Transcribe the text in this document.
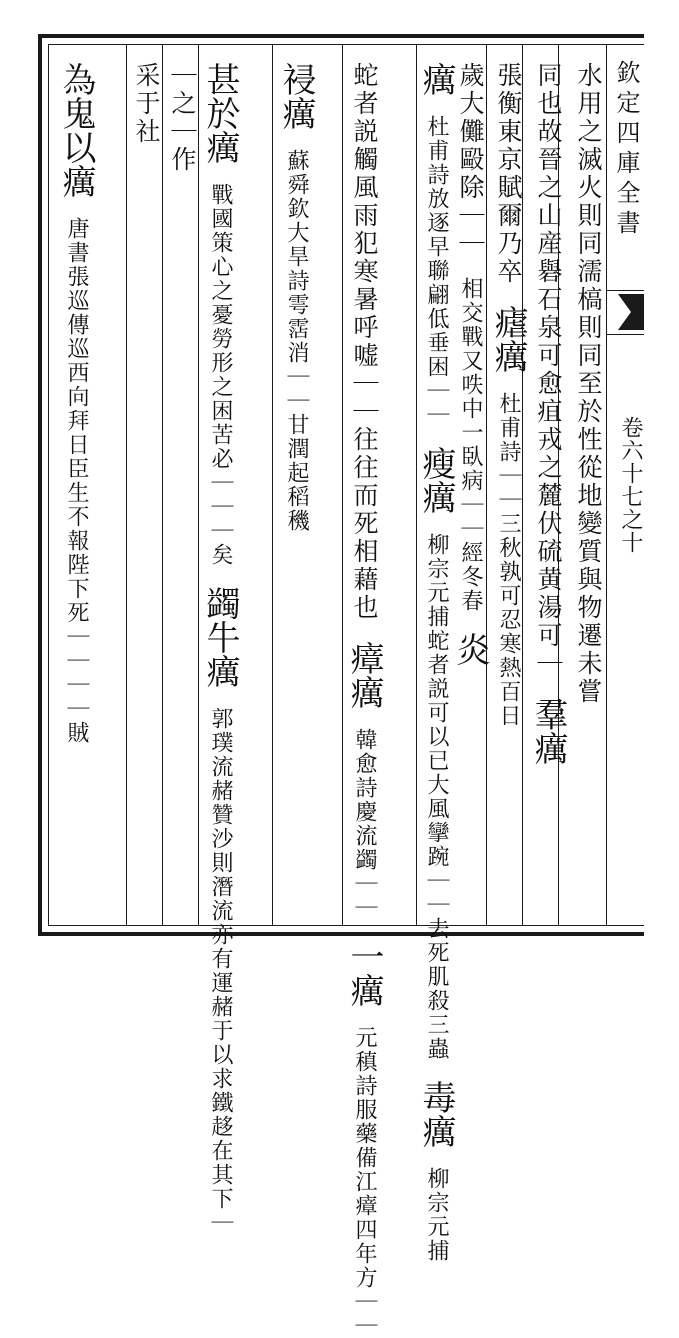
欽定四庫全書
卷六十七之十
水用之滅火則同濡槁則同至於性從地變質與物遷未嘗
同也故晉之山産礜石泉可愈疽戎之麓伏硫黄湯可｜ 羣癘
張衡東京賦爾乃卒 瘧癘 杜甫詩｜｜三秋孰可忍寒熱百日
歲大儺毆除｜｜ 相交戰又呹中一臥病｜｜經冬春 炎
癘 杜甫詩放逐早聯翩低垂困｜｜ 瘦癘 柳宗元捕蛇者説可以已大風攣踠｜｜去死肌殺三蟲 毒癘 柳宗元捕
蛇者説觸風雨犯寒暑呼嘘｜｜往往而死相藉也 瘴癘 韓愈詩慶流蠲｜｜ 一癘 元稹詩服藥備江瘴四年方｜｜
祲癘 蘇舜欽大旱詩雩霑消｜｜甘潤起稻穖
甚於癘 戰國策心之憂勞形之困苦必｜｜｜矣 蠲牛癘 郭璞流赭贊沙則潛流亦有運赭于以求鐵趍在其下｜
｜之｜作
采于社
為鬼以癘 唐書張巡傳巡西向拜日臣生不報陛下死｜｜｜｜賊
